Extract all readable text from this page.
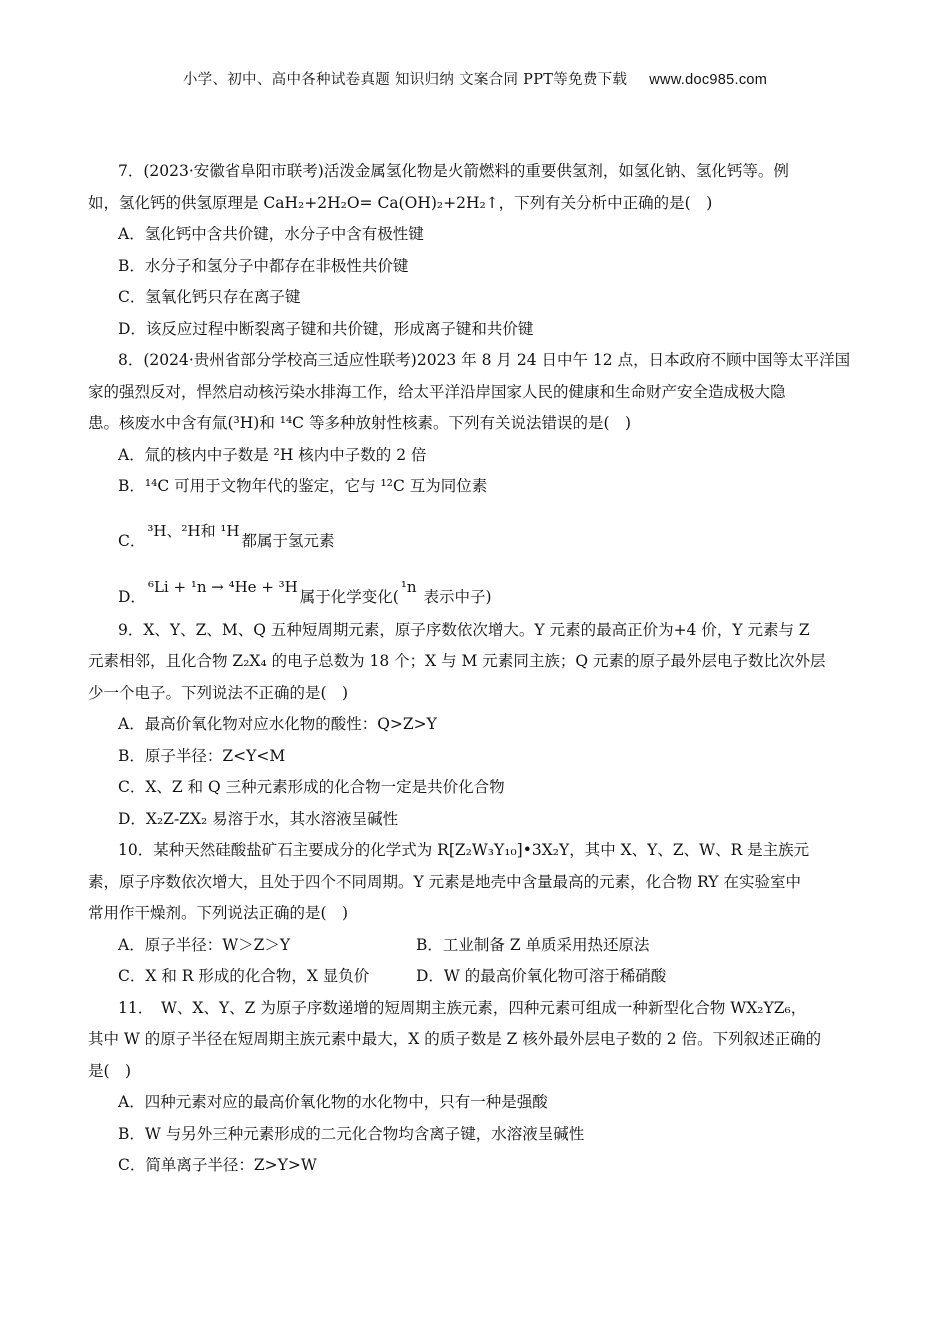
小学、初中、高中各种试卷真题 知识归纳 文案合同 PPT等免费下载 www.doc985.com
7．(2023·安徽省阜阳市联考)活泼金属氢化物是火箭燃料的重要供氢剂，如氢化钠、氢化钙等。例
如，氢化钙的供氢原理是 CaH₂+2H₂O= Ca(OH)₂+2H₂↑，下列有关分析中正确的是(　)
A．氢化钙中含共价键，水分子中含有极性键
B．水分子和氢分子中都存在非极性共价键
C．氢氧化钙只存在离子键
D．该反应过程中断裂离子键和共价键，形成离子键和共价键
8．(2024·贵州省部分学校高三适应性联考)2023 年 8 月 24 日中午 12 点，日本政府不顾中国等太平洋国
家的强烈反对，悍然启动核污染水排海工作，给太平洋沿岸国家人民的健康和生命财产安全造成极大隐
患。核废水中含有氚(³H)和 ¹⁴C 等多种放射性核素。下列有关说法错误的是(　)
A．氚的核内中子数是 ²H 核内中子数的 2 倍
B．¹⁴C 可用于文物年代的鉴定，它与 ¹²C 互为同位素
C．³H、²H和 ¹H都属于氢元素
D．⁶Li + ¹n → ⁴He + ³H属于化学变化(¹n 表示中子)
9．X、Y、Z、M、Q 五种短周期元素，原子序数依次增大。Y 元素的最高正价为+4 价，Y 元素与 Z
元素相邻，且化合物 Z₂X₄ 的电子总数为 18 个；X 与 M 元素同主族；Q 元素的原子最外层电子数比次外层
少一个电子。下列说法不正确的是(　)
A．最高价氧化物对应水化物的酸性：Q>Z>Y
B．原子半径：Z<Y<M
C．X、Z 和 Q 三种元素形成的化合物一定是共价化合物
D．X₂Z-ZX₂ 易溶于水，其水溶液呈碱性
10．某种天然硅酸盐矿石主要成分的化学式为 R[Z₂W₃Y₁₀]•3X₂Y，其中 X、Y、Z、W、R 是主族元
素，原子序数依次增大，且处于四个不同周期。Y 元素是地壳中含量最高的元素，化合物 RY 在实验室中
常用作干燥剂。下列说法正确的是(　)
A．原子半径：W＞Z＞Y	B．工业制备 Z 单质采用热还原法
C．X 和 R 形成的化合物，X 显负价	D．W 的最高价氧化物可溶于稀硝酸
11．　W、X、Y、Z 为原子序数递增的短周期主族元素，四种元素可组成一种新型化合物 WX₂YZ₆，
其中 W 的原子半径在短周期主族元素中最大，X 的质子数是 Z 核外最外层电子数的 2 倍。下列叙述正确的
是(　)
A．四种元素对应的最高价氧化物的水化物中，只有一种是强酸
B．W 与另外三种元素形成的二元化合物均含离子键，水溶液呈碱性
C．简单离子半径：Z>Y>W
